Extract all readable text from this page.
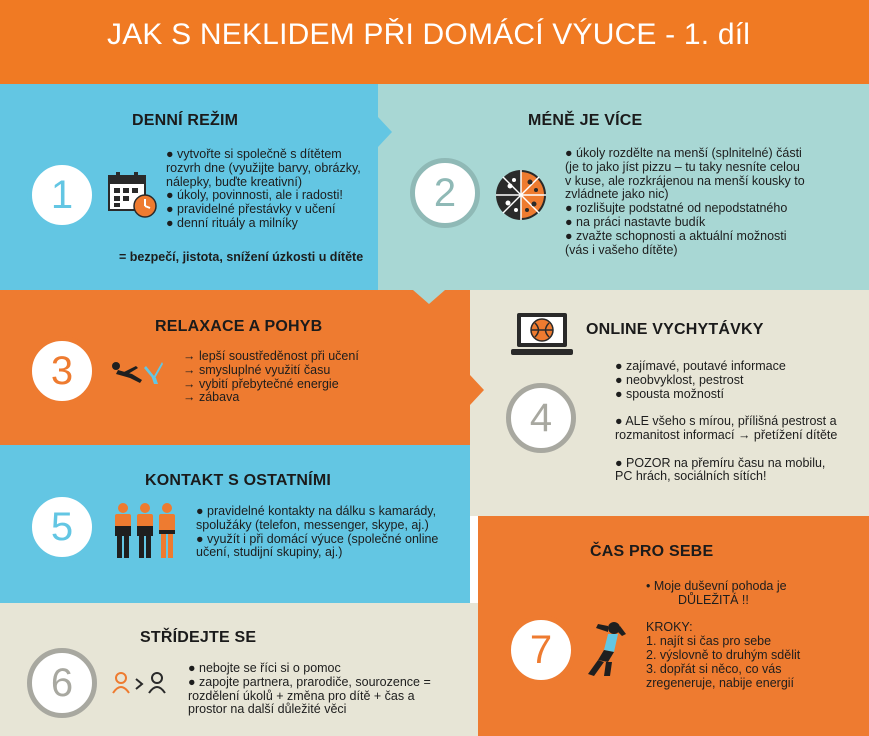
JAK S NEKLIDEM PŘI DOMÁCÍ VÝUCE - 1. díl
DENNÍ REŽIM
1
● vytvořte si společně s dítětem
rozvrh dne (využijte barvy, obrázky,
nálepky, buďte kreativní)
● úkoly, povinnosti, ale i radosti!
● pravidelné přestávky v učení
● denní rituály a milníky
= bezpečí, jistota, snížení úzkosti u dítěte
MÉNĚ JE VÍCE
2
● úkoly rozdělte na menší (splnitelné) části
(je to jako jíst pizzu – tu taky nesníte celou
v kuse, ale rozkrájenou na menší kousky to
zvládnete jako nic)
● rozlišujte podstatné od nepodstatného
● na práci nastavte budík
● zvažte schopnosti a aktuální možnosti
(vás i vašeho dítěte)
RELAXACE A POHYB
3	→ lepší soustředěnost při učení
→ smysluplné využití času
→ vybití přebytečné energie
→ zábava
ONLINE VYCHYTÁVKY
4
● zajímavé, poutavé informace
● neobvyklost, pestrost
● spousta možností

● ALE všeho s mírou, přílišná pestrost a
rozmanitost informací → přetížení dítěte

● POZOR na přemíru času na mobilu,
PC hrách, sociálních sítích!
KONTAKT S OSTATNÍMI
5	● pravidelné kontakty na dálku s kamarády,
spolužáky (telefon, messenger, skype, aj.)
● využít i při domácí výuce (společné online
učení, studijní skupiny, aj.)
STŘÍDEJTE SE
6	● nebojte se říci si o pomoc
● zapojte partnera, prarodiče, sourozence =
rozdělení úkolů + změna pro dítě + čas a
prostor na další důležité věci
ČAS PRO SEBE
7
• Moje duševní pohoda je
DŮLEŽITÁ !!

KROKY:
1. najít si čas pro sebe
2. výslovně to druhým sdělit
3. dopřát si něco, co vás
zregeneruje, nabije energií
